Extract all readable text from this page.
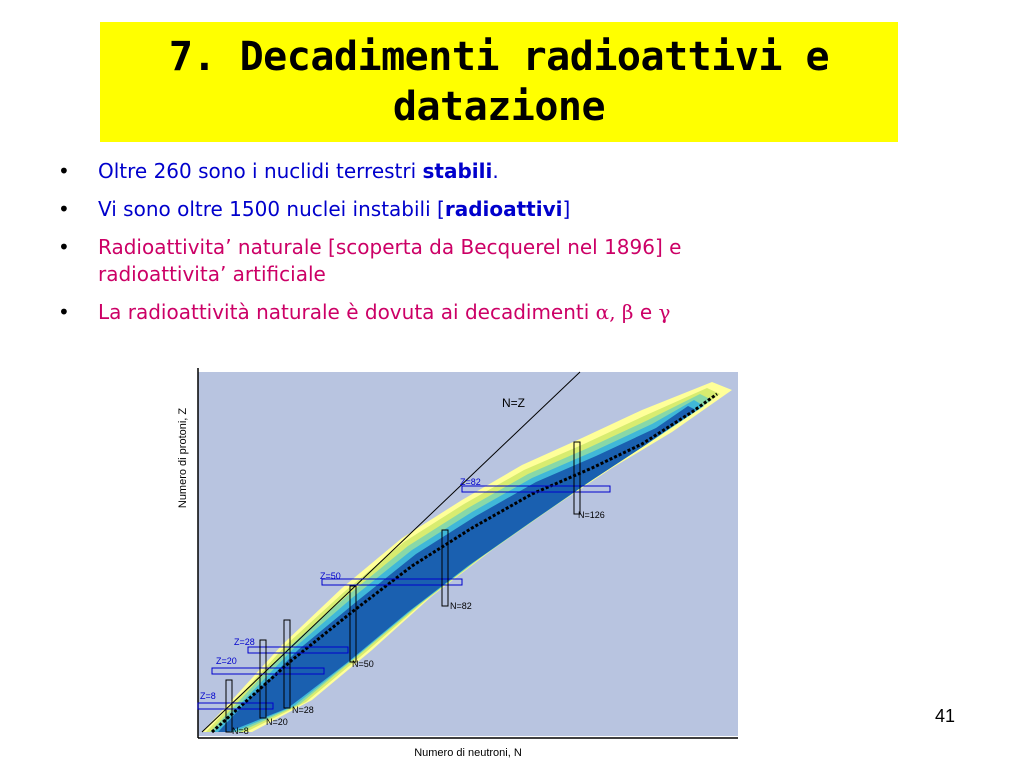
7. Decadimenti radioattivi e
datazione
• Oltre 260 sono i nuclidi terrestri stabili.
• Vi sono oltre 1500 nuclei instabili [radioattivi]
• Radioattivita’ naturale [scoperta da Becquerel nel 1896] e
radioattivita’ artificiale
• La radioattività naturale è dovuta ai decadimenti α, β e γ
N=Z
Z=8
Z=20
Z=28
Z=50
Z=82
N=8
N=20
N=28
N=50
N=82
N=126
Numero di neutroni, N
Numero di protoni, Z
41
